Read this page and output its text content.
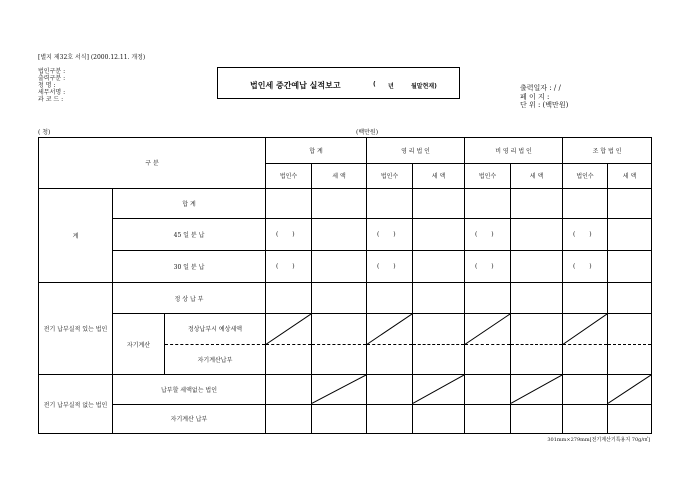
[별지 제32호 서식] (2000.12.11. 개정)
법인구분 :
출력구분 :
청 명 :
세무서명 :
과 코 드 :
법인세 중간예납 실적보고	( 년	월말현재)	출력일자 : / /
페 이 지 :
단 위 : (백만원)
( 청)	(백만원)
구 분			합 계		영 리 법 인		비 영 리 법 인		조 합 법 인	
			법인수	세 액	법인수	세 액	법인수	세 액	법인수	세 액
계	합 계									
	45 일 분 납		( )		( )		( )		( )	
	30 일 분 납		( )		( )		( )		( )	
전기 납부실적 있는 법인	정 상 납 부									
	자기계산	정상납부시 예상세액	

		자기계산납부								
전기 납부실적 없는 법인	납부할 세액없는 법인		

	자기계산 납부									
301mm×279mm[전기계산기특용지 70g/㎡]
